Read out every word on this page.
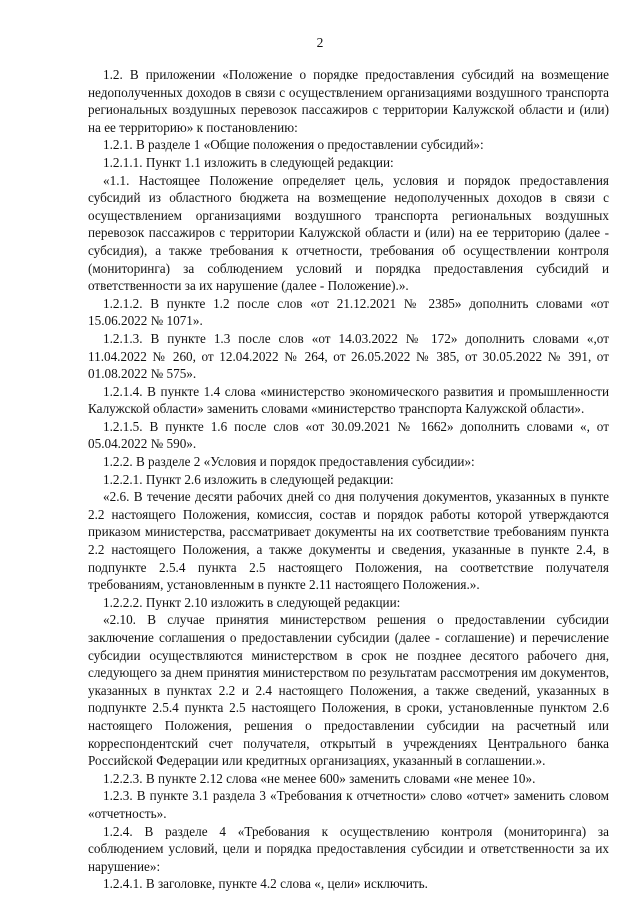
2

1.2. В приложении «Положение о порядке предоставления субсидий на возмещение недополученных доходов в связи с осуществлением организациями воздушного транспорта региональных воздушных перевозок пассажиров с территории Калужской области и (или) на ее территорию» к постановлению:

1.2.1. В разделе 1 «Общие положения о предоставлении субсидий»:

1.2.1.1. Пункт 1.1 изложить в следующей редакции:

«1.1. Настоящее Положение определяет цель, условия и порядок предоставления субсидий из областного бюджета на возмещение недополученных доходов в связи с осуществлением организациями воздушного транспорта региональных воздушных перевозок пассажиров с территории Калужской области и (или) на ее территорию (далее - субсидия), а также требования к отчетности, требования об осуществлении контроля (мониторинга) за соблюдением условий и порядка предоставления субсидий и ответственности за их нарушение (далее - Положение).».

1.2.1.2. В пункте 1.2 после слов «от 21.12.2021 № 2385» дополнить словами «от 15.06.2022 № 1071».

1.2.1.3. В пункте 1.3 после слов «от 14.03.2022 № 172» дополнить словами «,от 11.04.2022 № 260, от 12.04.2022 № 264, от 26.05.2022 № 385, от 30.05.2022 № 391, от 01.08.2022 № 575».

1.2.1.4. В пункте 1.4 слова «министерство экономического развития и промышленности Калужской области» заменить словами «министерство транспорта Калужской области».

1.2.1.5. В пункте 1.6 после слов «от 30.09.2021 № 1662» дополнить словами «, от 05.04.2022 № 590».

1.2.2. В разделе 2 «Условия и порядок предоставления субсидии»:

1.2.2.1. Пункт 2.6 изложить в следующей редакции:

«2.6. В течение десяти рабочих дней со дня получения документов, указанных в пункте 2.2 настоящего Положения, комиссия, состав и порядок работы которой утверждаются приказом министерства, рассматривает документы на их соответствие требованиям пункта 2.2 настоящего Положения, а также документы и сведения, указанные в пункте 2.4, в подпункте 2.5.4 пункта 2.5 настоящего Положения, на соответствие получателя требованиям, установленным в пункте 2.11 настоящего Положения.».

1.2.2.2. Пункт 2.10 изложить в следующей редакции:

«2.10. В случае принятия министерством решения о предоставлении субсидии заключение соглашения о предоставлении субсидии (далее - соглашение) и перечисление субсидии осуществляются министерством в срок не позднее десятого рабочего дня, следующего за днем принятия министерством по результатам рассмотрения им документов, указанных в пунктах 2.2 и 2.4 настоящего Положения, а также сведений, указанных в подпункте 2.5.4 пункта 2.5 настоящего Положения, в сроки, установленные пунктом 2.6 настоящего Положения, решения о предоставлении субсидии на расчетный или корреспондентский счет получателя, открытый в учреждениях Центрального банка Российской Федерации или кредитных организациях, указанный в соглашении.».

1.2.2.3. В пункте 2.12 слова «не менее 600» заменить словами «не менее 10».

1.2.3. В пункте 3.1 раздела 3 «Требования к отчетности» слово «отчет» заменить словом «отчетность».

1.2.4. В разделе 4 «Требования к осуществлению контроля (мониторинга) за соблюдением условий, цели и порядка предоставления субсидии и ответственности за их нарушение»:

1.2.4.1. В заголовке, пункте 4.2 слова «, цели» исключить.
